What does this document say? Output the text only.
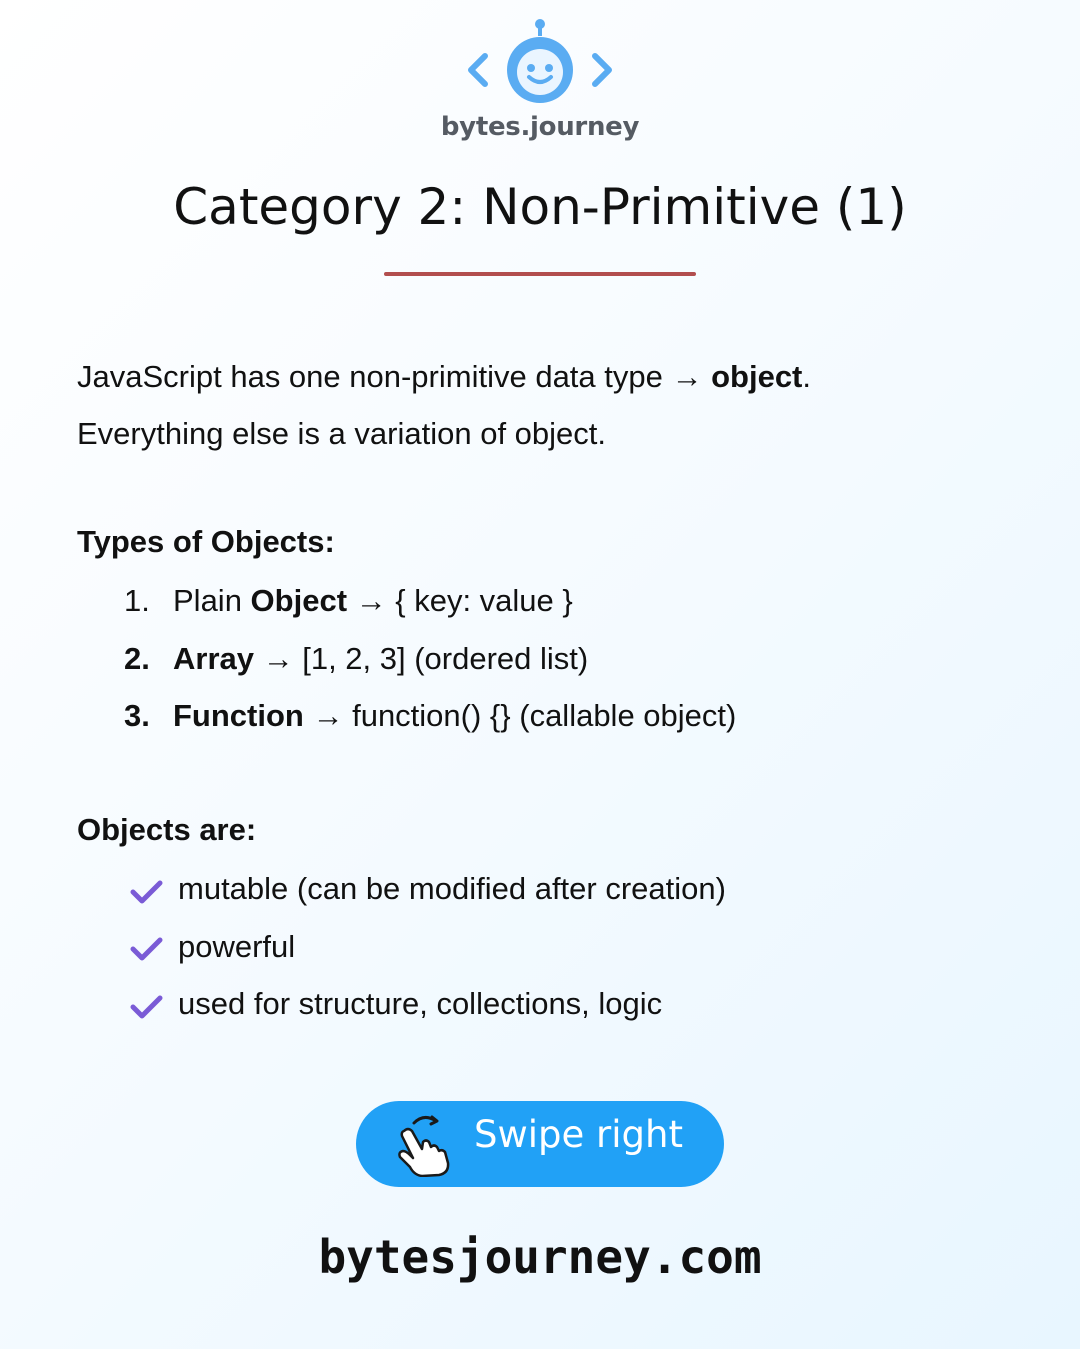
bytes.journey
Category 2: Non-Primitive (1)

JavaScript has one non-primitive data type → object.

Everything else is a variation of object.

Types of Objects:
1. Plain Object → { key: value }
2. Array → [1, 2, 3] (ordered list)
3. Function → function() {} (callable object)
Objects are:
mutable (can be modified after creation)
powerful
used for structure, collections, logic
Swipe right
bytesjourney.com
